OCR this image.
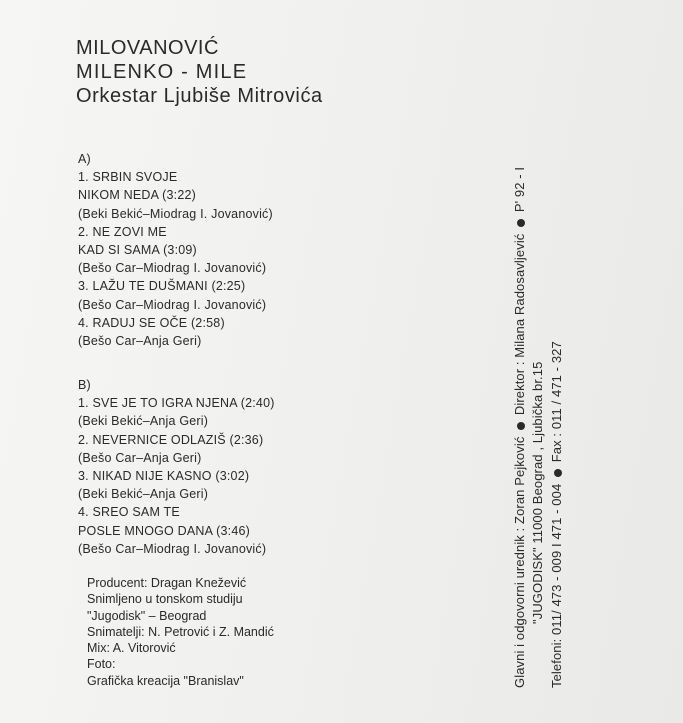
MILOVANOVIĆ
MILENKO - MILE
Orkestar Ljubiše Mitrovića
A)
1. SRBIN SVOJE
NIKOM NEDA (3:22)
(Beki Bekić–Miodrag I. Jovanović)
2. NE ZOVI ME
KAD SI SAMA (3:09)
(Bešo Car–Miodrag I. Jovanović)
3. LAŽU TE DUŠMANI (2:25)
(Bešo Car–Miodrag I. Jovanović)
4. RADUJ SE OČE (2:58)
(Bešo Car–Anja Geri)
B)
1. SVE JE TO IGRA NJENA (2:40)
(Beki Bekić–Anja Geri)
2. NEVERNICE ODLAZIŠ (2:36)
(Bešo Car–Anja Geri)
3. NIKAD NIJE KASNO (3:02)
(Beki Bekić–Anja Geri)
4. SREO SAM TE
POSLE MNOGO DANA (3:46)
(Bešo Car–Miodrag I. Jovanović)
Producent: Dragan Knežević
Snimljeno u tonskom studiju
"Jugodisk" – Beograd
Snimatelji: N. Petrović i Z. Mandić
Mix: A. Vitorović
Foto:
Grafička kreacija "Branislav"	Glavni i odgovorni urednik : Zoran Pejković  Direktor : Milana Radosavljević  P' 92 - I
"JUGODISK" 11000 Beograd , Ljubička br.15 Telefoni: 011/ 473 - 009 I 471 - 004  Fax : 011 / 471 - 327
